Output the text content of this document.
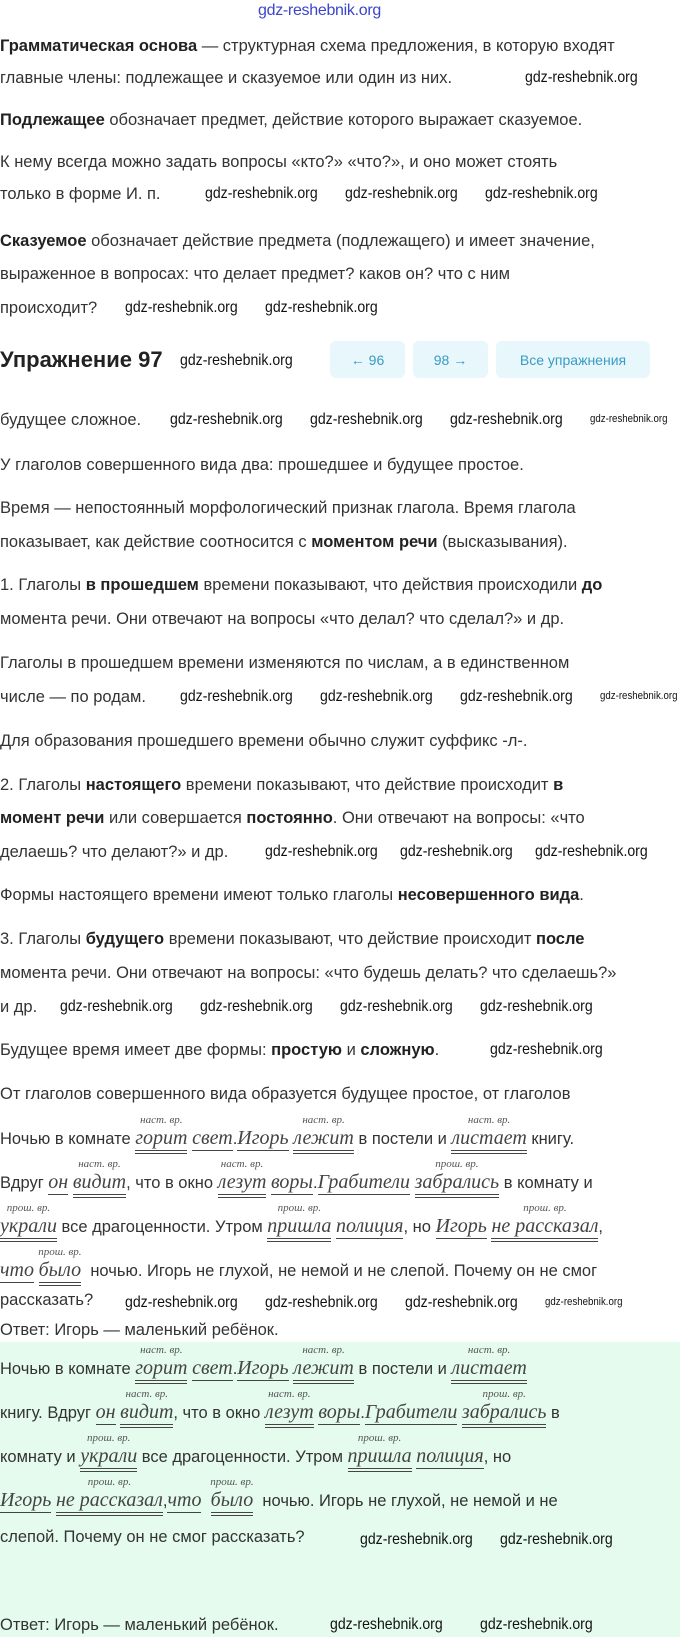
gdz-reshebnik.org
Грамматическая основа — структурная схема предложения, в которую входят
главные члены: подлежащее и сказуемое или один из них.
Подлежащее обозначает предмет, действие которого выражает сказуемое.
К нему всегда можно задать вопросы «кто?» «что?», и оно может стоять
только в форме И. п.
Сказуемое обозначает действие предмета (подлежащего) и имеет значение,
выраженное в вопросах: что делает предмет? каков он? что с ним
происходит?
Упражнение 97	← 96	98 →	Все упражнения
будущее сложное.
У глаголов совершенного вида два: прошедшее и будущее простое.
Время — непостоянный морфологический признак глагола. Время глагола
показывает, как действие соотносится с моментом речи (высказывания).
1. Глаголы в прошедшем времени показывают, что действия происходили до
момента речи. Они отвечают на вопросы «что делал? что сделал?» и др.
Глаголы в прошедшем времени изменяются по числам, а в единственном
числе — по родам.
Для образования прошедшего времени обычно служит суффикс -л-.
2. Глаголы настоящего времени показывают, что действие происходит в
момент речи или совершается постоянно. Они отвечают на вопросы: «что
делаешь? что делают?» и др.
Формы настоящего времени имеют только глаголы несовершенного вида.
3. Глаголы будущего времени показывают, что действие происходит после
момента речи. Они отвечают на вопросы: «что будешь делать? что сделаешь?»
и др.
Будущее время имеет две формы: простую и сложную.
От глаголов совершенного вида образуется будущее простое, от глаголов
Ночью в комнате горит
наст. вр.
свет.Игорь лежит
наст. вр.
в постели и листает
наст. вр.
книгу.
Вдруг он видит
наст. вр.
, что в окно лезут
наст. вр.
воры.Грабители забрались
прош. вр.
в комнату и
украли
прош. вр.
все драгоценности. Утром пришла
прош. вр.
полиция, но Игорь не рассказал
прош. вр.
,
что было
прош. вр.
ночью. Игорь не глухой, не немой и не слепой. Почему он не смог
рассказать?
Ответ: Игорь — маленький ребёнок.
Ночью в комнате горит
наст. вр.
свет.Игорь лежит
наст. вр.
в постели и листает
наст. вр.
книгу. Вдруг он видит
наст. вр.
, что в окно лезут
наст. вр.
воры.Грабители забрались
прош. вр.
в
комнату и украли
прош. вр.
все драгоценности. Утром пришла
прош. вр.
полиция, но
Игорь не рассказал
прош. вр.
,что было
прош. вр.
ночью. Игорь не глухой, не немой и не
слепой. Почему он не смог рассказать?
Ответ: Игорь — маленький ребёнок.
gdz-reshebnik.org
gdz-reshebnik.org gdz-reshebnik.org gdz-reshebnik.org
gdz-reshebnik.org gdz-reshebnik.org
gdz-reshebnik.org
gdz-reshebnik.org gdz-reshebnik.org gdz-reshebnik.org gdz-reshebnik.org
gdz-reshebnik.org gdz-reshebnik.org gdz-reshebnik.org gdz-reshebnik.org
gdz-reshebnik.org gdz-reshebnik.org gdz-reshebnik.org
gdz-reshebnik.org gdz-reshebnik.org gdz-reshebnik.org gdz-reshebnik.org
gdz-reshebnik.org
gdz-reshebnik.org gdz-reshebnik.org gdz-reshebnik.org gdz-reshebnik.org
gdz-reshebnik.org gdz-reshebnik.org
gdz-reshebnik.org gdz-reshebnik.org
